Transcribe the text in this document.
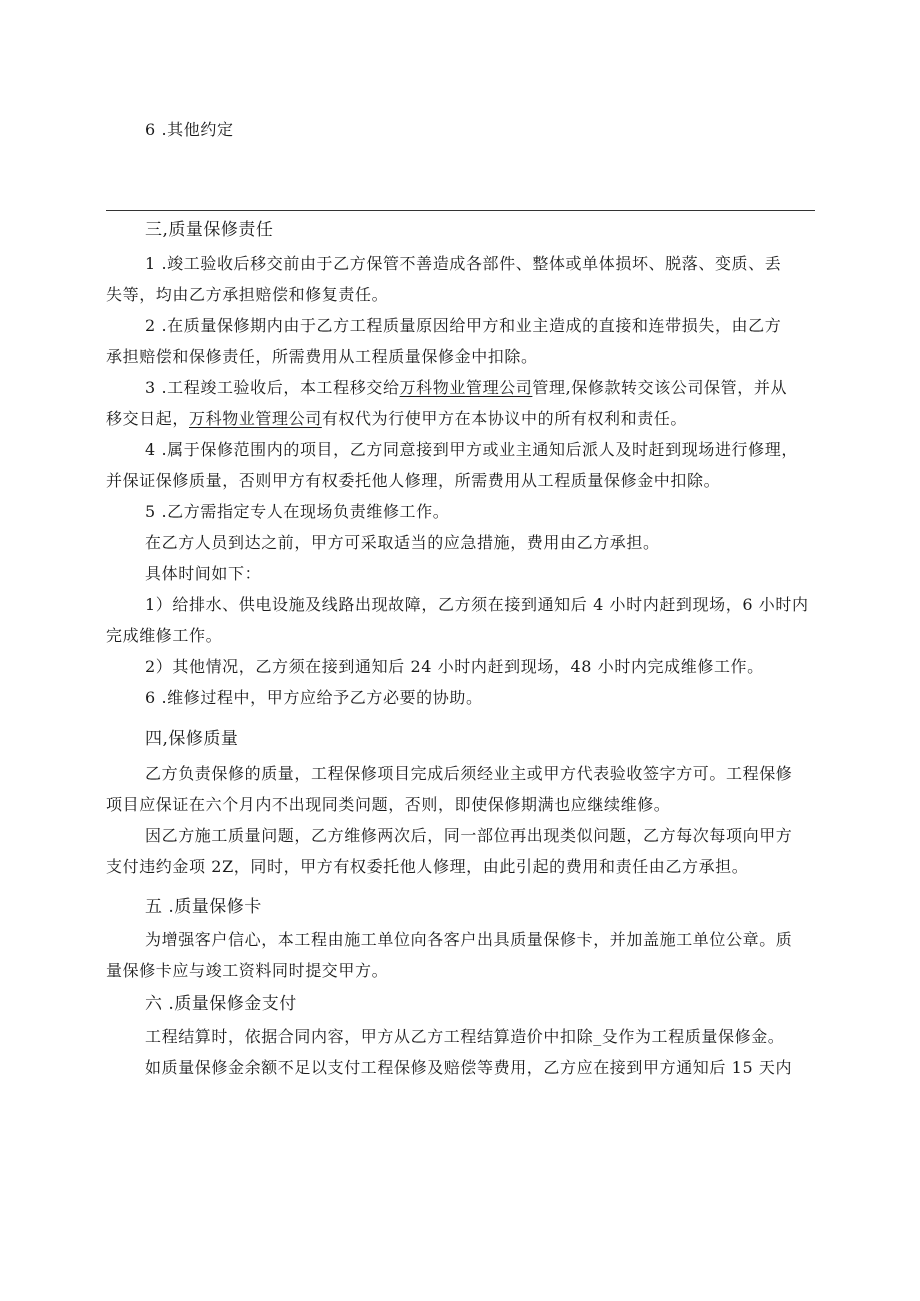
6 .其他约定
三,质量保修责任
1 .竣工验收后移交前由于乙方保管不善造成各部件、整体或单体损坏、脱落、变质、丢
失等，均由乙方承担赔偿和修复责任。
2 .在质量保修期内由于乙方工程质量原因给甲方和业主造成的直接和连带损失，由乙方
承担赔偿和保修责任，所需费用从工程质量保修金中扣除。
3 .工程竣工验收后，本工程移交给万科物业管理公司管理,保修款转交该公司保管，并从
移交日起，万科物业管理公司有权代为行使甲方在本协议中的所有权利和责任。
4 .属于保修范围内的项目，乙方同意接到甲方或业主通知后派人及时赶到现场进行修理，
并保证保修质量，否则甲方有权委托他人修理，所需费用从工程质量保修金中扣除。
5 .乙方需指定专人在现场负责维修工作。
在乙方人员到达之前，甲方可采取适当的应急措施，费用由乙方承担。
具体时间如下：
1）给排水、供电设施及线路出现故障，乙方须在接到通知后 4 小时内赶到现场，6 小时内
完成维修工作。
2）其他情况，乙方须在接到通知后 24 小时内赶到现场，48 小时内完成维修工作。
6 .维修过程中，甲方应给予乙方必要的协助。
四,保修质量
乙方负责保修的质量，工程保修项目完成后须经业主或甲方代表验收签字方可。工程保修
项目应保证在六个月内不出现同类问题，否则，即使保修期满也应继续维修。
因乙方施工质量问题，乙方维修两次后，同一部位再出现类似问题，乙方每次每项向甲方
支付违约金项 2Z，同时，甲方有权委托他人修理，由此引起的费用和责任由乙方承担。
五 .质量保修卡
为增强客户信心，本工程由施工单位向各客户出具质量保修卡，并加盖施工单位公章。质
量保修卡应与竣工资料同时提交甲方。
六 .质量保修金支付
工程结算时，依据合同内容，甲方从乙方工程结算造价中扣除_殳作为工程质量保修金。
如质量保修金余额不足以支付工程保修及赔偿等费用，乙方应在接到甲方通知后 15 天内
